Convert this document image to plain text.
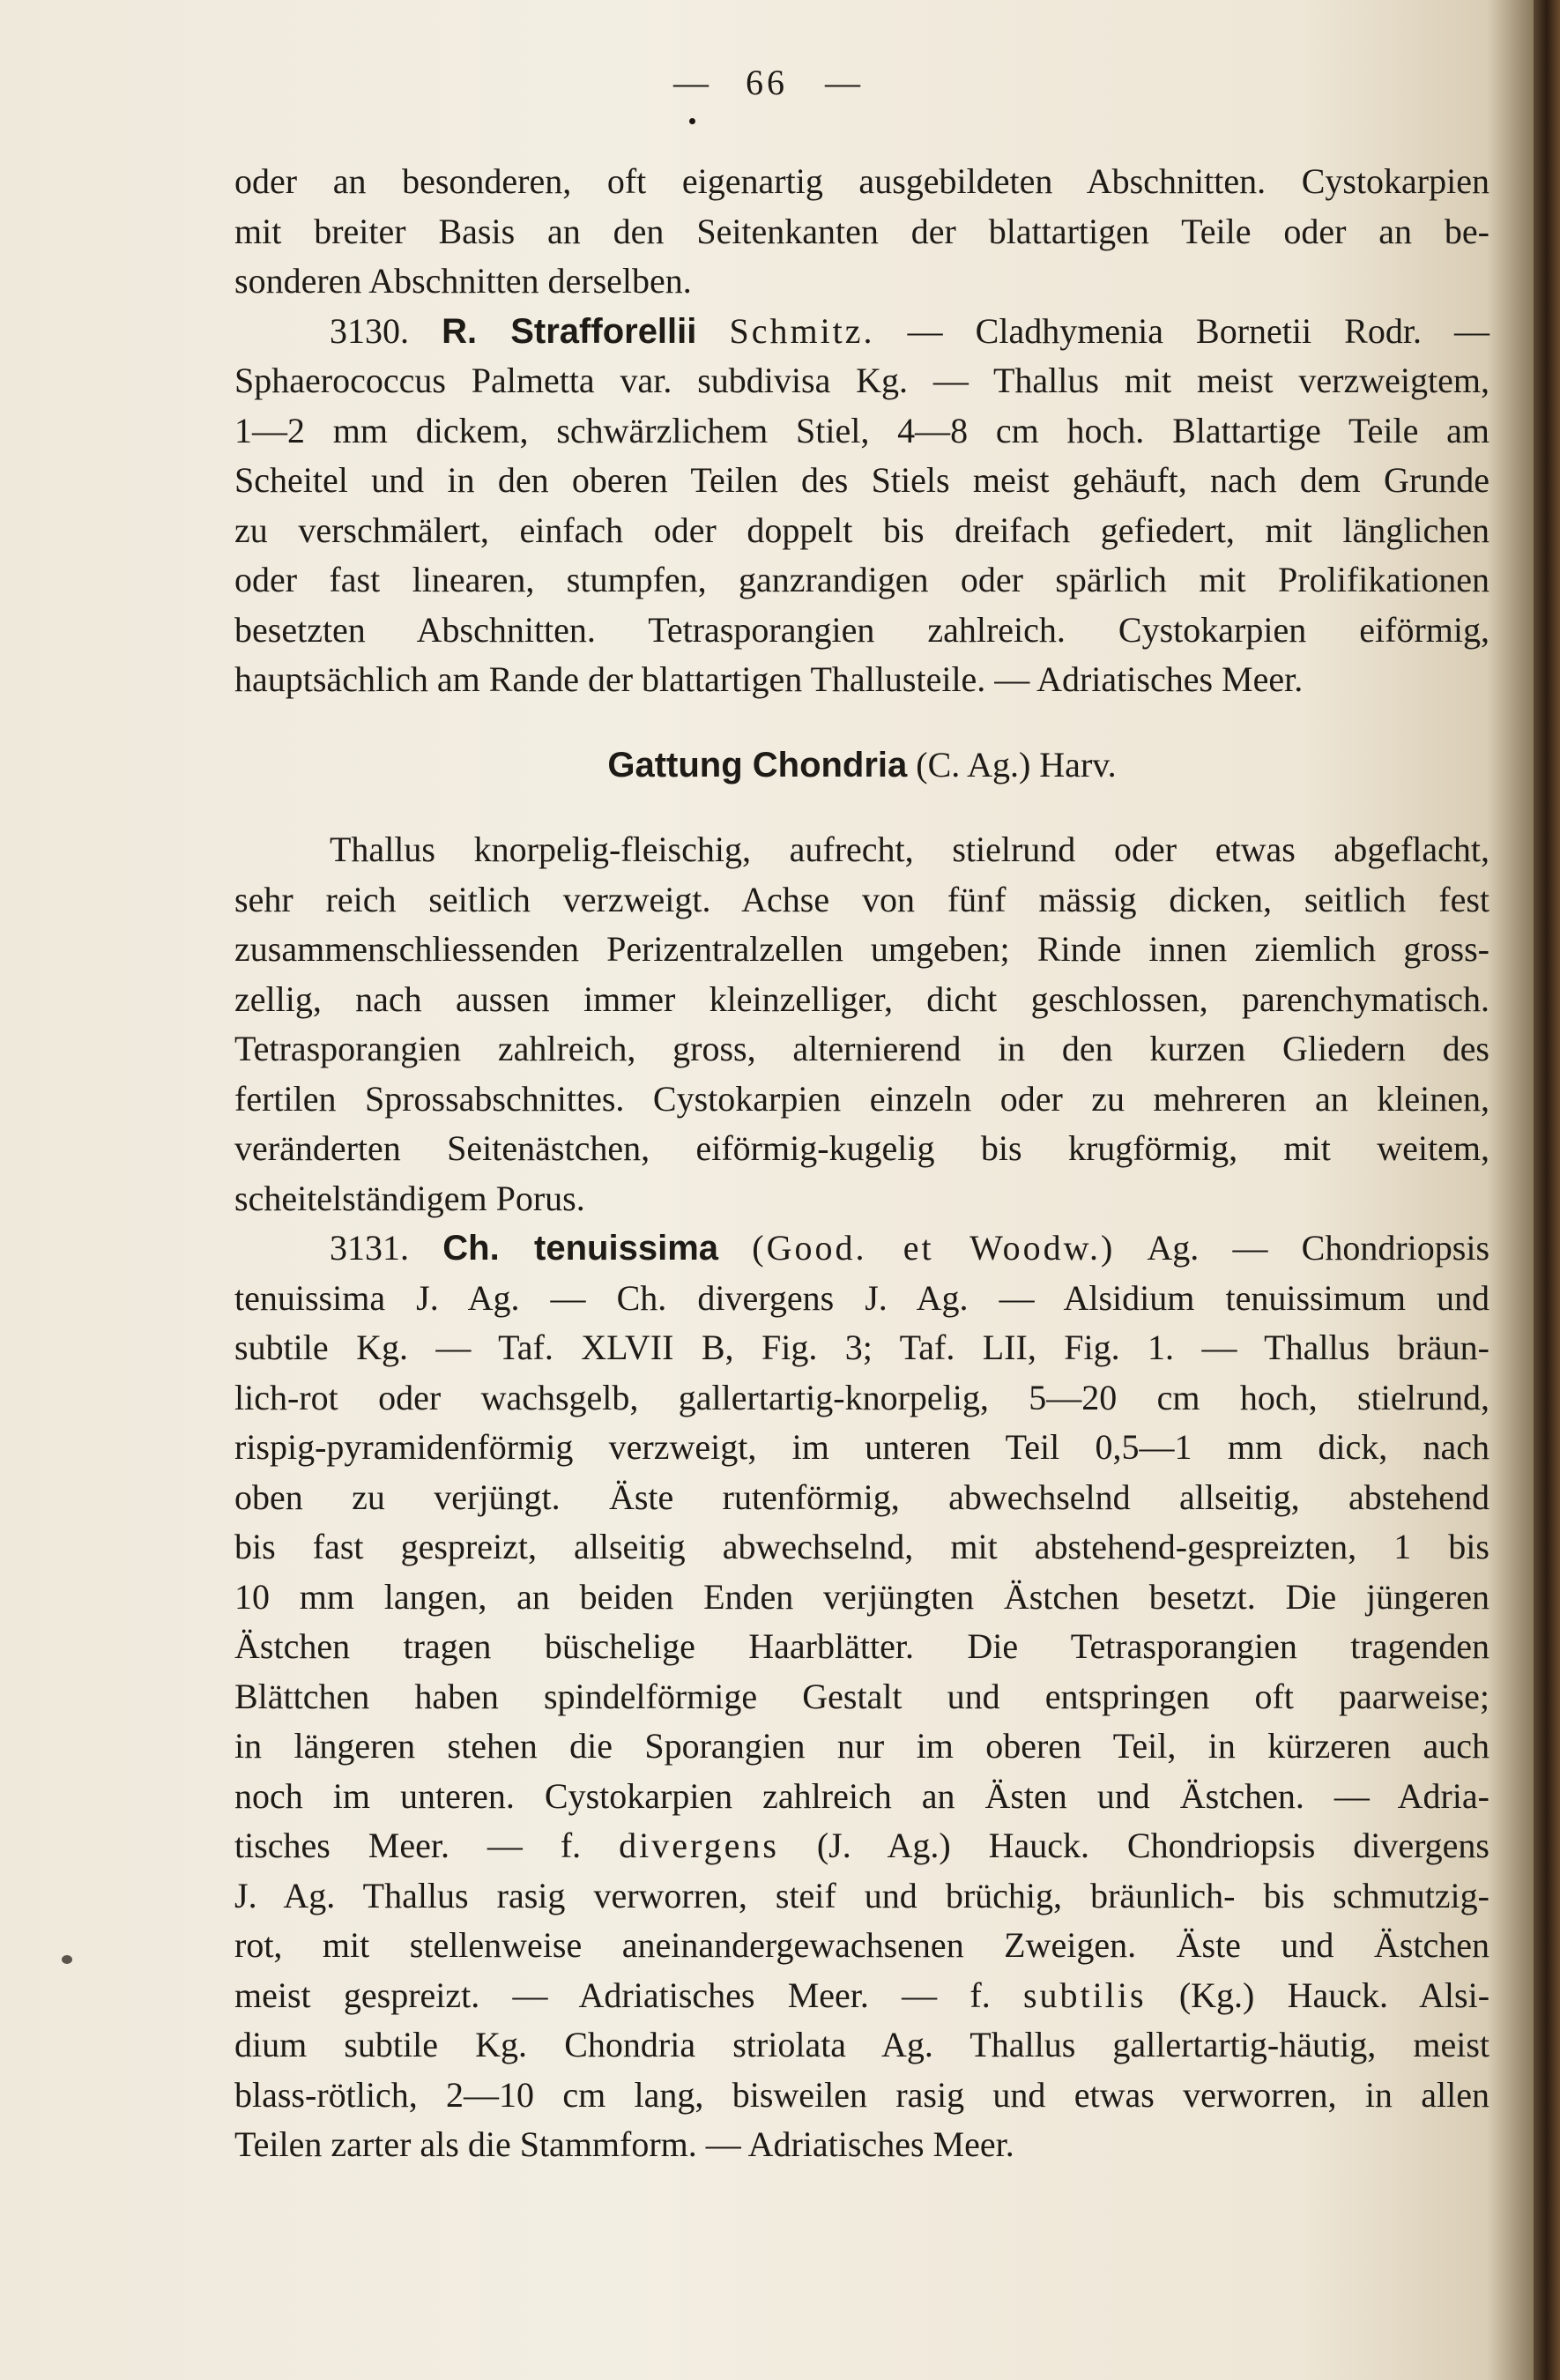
— 66 —
oder an besonderen, oft eigenartig ausgebildeten Abschnitten. Cystokarpien
mit breiter Basis an den Seitenkanten der blattartigen Teile oder an be-
sonderen Abschnitten derselben.
3130. R. Strafforellii Schmitz. — Cladhymenia Bornetii Rodr. —
Sphaerococcus Palmetta var. subdivisa Kg. — Thallus mit meist verzweigtem,
1—2 mm dickem, schwärzlichem Stiel, 4—8 cm hoch. Blattartige Teile am
Scheitel und in den oberen Teilen des Stiels meist gehäuft, nach dem Grunde
zu verschmälert, einfach oder doppelt bis dreifach gefiedert, mit länglichen
oder fast linearen, stumpfen, ganzrandigen oder spärlich mit Prolifikationen
besetzten Abschnitten. Tetrasporangien zahlreich. Cystokarpien eiförmig,
hauptsächlich am Rande der blattartigen Thallusteile. — Adriatisches Meer.
Gattung Chondria (C. Ag.) Harv.
Thallus knorpelig-fleischig, aufrecht, stielrund oder etwas abgeflacht,
sehr reich seitlich verzweigt. Achse von fünf mässig dicken, seitlich fest
zusammenschliessenden Perizentralzellen umgeben; Rinde innen ziemlich gross-
zellig, nach aussen immer kleinzelliger, dicht geschlossen, parenchymatisch.
Tetrasporangien zahlreich, gross, alternierend in den kurzen Gliedern des
fertilen Sprossabschnittes. Cystokarpien einzeln oder zu mehreren an kleinen,
veränderten Seitenästchen, eiförmig-kugelig bis krugförmig, mit weitem,
scheitelständigem Porus.
3131. Ch. tenuissima (Good. et Woodw.) Ag. — Chondriopsis
tenuissima J. Ag. — Ch. divergens J. Ag. — Alsidium tenuissimum und
subtile Kg. — Taf. XLVII B, Fig. 3; Taf. LII, Fig. 1. — Thallus bräun-
lich-rot oder wachsgelb, gallertartig-knorpelig, 5—20 cm hoch, stielrund,
rispig-pyramidenförmig verzweigt, im unteren Teil 0,5—1 mm dick, nach
oben zu verjüngt. Äste rutenförmig, abwechselnd allseitig, abstehend
bis fast gespreizt, allseitig abwechselnd, mit abstehend-gespreizten, 1 bis
10 mm langen, an beiden Enden verjüngten Ästchen besetzt. Die jüngeren
Ästchen tragen büschelige Haarblätter. Die Tetrasporangien tragenden
Blättchen haben spindelförmige Gestalt und entspringen oft paarweise;
in längeren stehen die Sporangien nur im oberen Teil, in kürzeren auch
noch im unteren. Cystokarpien zahlreich an Ästen und Ästchen. — Adria-
tisches Meer. — f. divergens (J. Ag.) Hauck. Chondriopsis divergens
J. Ag. Thallus rasig verworren, steif und brüchig, bräunlich- bis schmutzig-
rot, mit stellenweise aneinandergewachsenen Zweigen. Äste und Ästchen
meist gespreizt. — Adriatisches Meer. — f. subtilis (Kg.) Hauck. Alsi-
dium subtile Kg. Chondria striolata Ag. Thallus gallertartig-häutig, meist
blass-rötlich, 2—10 cm lang, bisweilen rasig und etwas verworren, in allen
Teilen zarter als die Stammform. — Adriatisches Meer.
